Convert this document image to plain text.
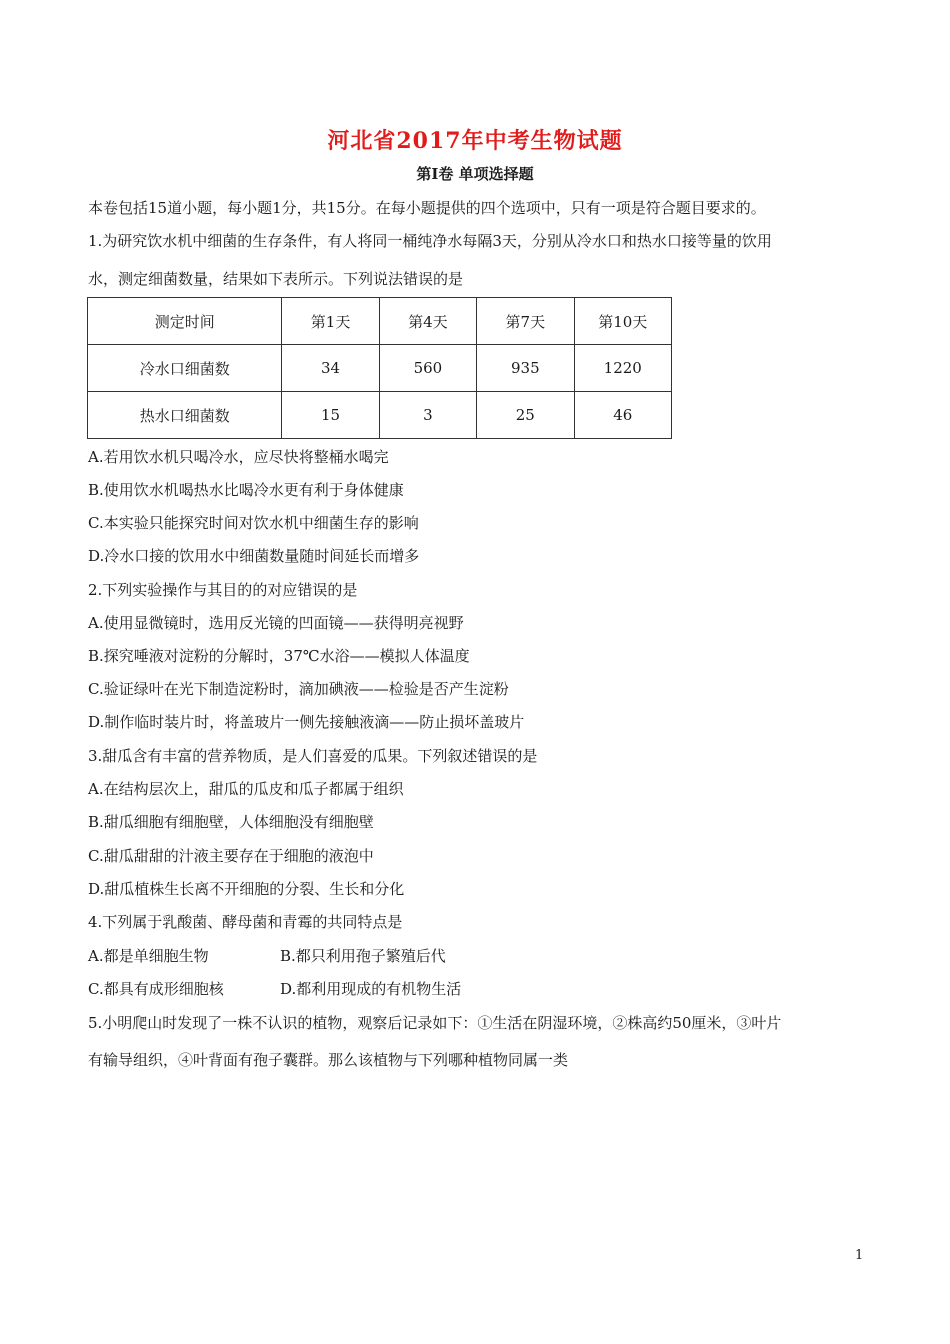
河北省2017年中考生物试题
第Ⅰ卷 单项选择题
本卷包括15道小题，每小题1分，共15分。在每小题提供的四个选项中，只有一项是符合题目要求的。
1.为研究饮水机中细菌的生存条件，有人将同一桶纯净水每隔3天，分别从冷水口和热水口接等量的饮用
水，测定细菌数量，结果如下表所示。下列说法错误的是
测定时间	第1天	第4天	第7天	第10天
冷水口细菌数	34	560	935	1220
热水口细菌数	15	3	25	46
A.若用饮水机只喝冷水，应尽快将整桶水喝完
B.使用饮水机喝热水比喝冷水更有利于身体健康
C.本实验只能探究时间对饮水机中细菌生存的影响
D.冷水口接的饮用水中细菌数量随时间延长而增多
2.下列实验操作与其目的的对应错误的是
A.使用显微镜时，选用反光镜的凹面镜——获得明亮视野
B.探究唾液对淀粉的分解时，37℃水浴——模拟人体温度
C.验证绿叶在光下制造淀粉时，滴加碘液——检验是否产生淀粉
D.制作临时装片时，将盖玻片一侧先接触液滴——防止损坏盖玻片
3.甜瓜含有丰富的营养物质，是人们喜爱的瓜果。下列叙述错误的是
A.在结构层次上，甜瓜的瓜皮和瓜子都属于组织
B.甜瓜细胞有细胞壁，人体细胞没有细胞壁
C.甜瓜甜甜的汁液主要存在于细胞的液泡中
D.甜瓜植株生长离不开细胞的分裂、生长和分化
4.下列属于乳酸菌、酵母菌和青霉的共同特点是
A.都是单细胞生物	B.都只利用孢子繁殖后代
C.都具有成形细胞核	D.都利用现成的有机物生活
5.小明爬山时发现了一株不认识的植物，观察后记录如下：①生活在阴湿环境，②株高约50厘米，③叶片
有输导组织，④叶背面有孢子囊群。那么该植物与下列哪种植物同属一类
1
